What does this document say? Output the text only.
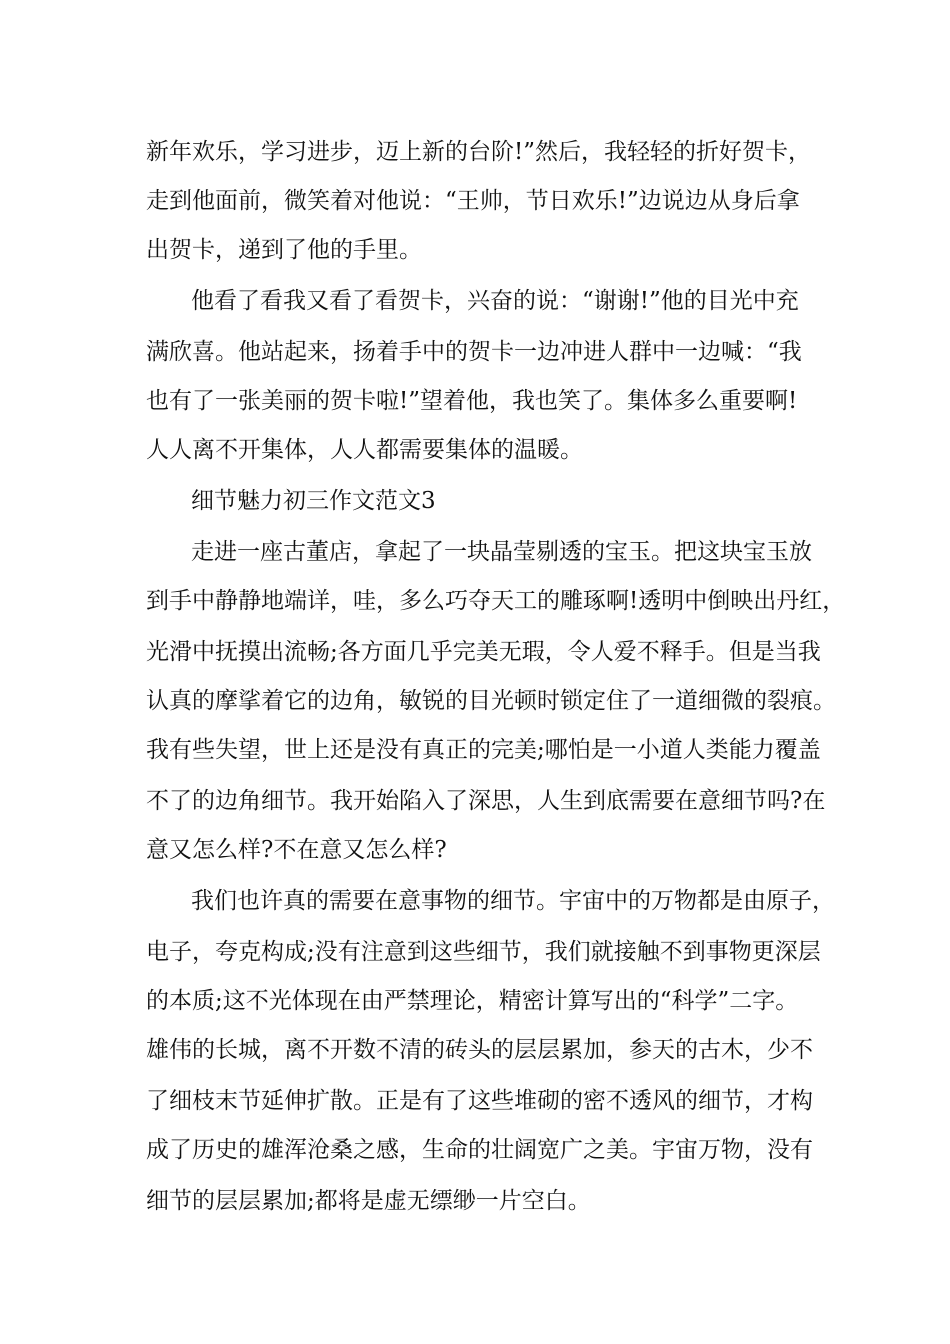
新年欢乐，学习进步，迈上新的台阶!”然后，我轻轻的折好贺卡，
走到他面前，微笑着对他说：“王帅，节日欢乐!”边说边从身后拿
出贺卡，递到了他的手里。
他看了看我又看了看贺卡，兴奋的说：“谢谢!”他的目光中充
满欣喜。他站起来，扬着手中的贺卡一边冲进人群中一边喊：“我
也有了一张美丽的贺卡啦!”望着他，我也笑了。集体多么重要啊!
人人离不开集体，人人都需要集体的温暖。
细节魅力初三作文范文3
走进一座古董店，拿起了一块晶莹剔透的宝玉。把这块宝玉放
到手中静静地端详，哇，多么巧夺天工的雕琢啊!透明中倒映出丹红，
光滑中抚摸出流畅;各方面几乎完美无瑕，令人爱不释手。但是当我
认真的摩挲着它的边角，敏锐的目光顿时锁定住了一道细微的裂痕。
我有些失望，世上还是没有真正的完美;哪怕是一小道人类能力覆盖
不了的边角细节。我开始陷入了深思，人生到底需要在意细节吗?在
意又怎么样?不在意又怎么样?
我们也许真的需要在意事物的细节。宇宙中的万物都是由原子，
电子，夸克构成;没有注意到这些细节，我们就接触不到事物更深层
的本质;这不光体现在由严禁理论，精密计算写出的“科学”二字。
雄伟的长城，离不开数不清的砖头的层层累加，参天的古木，少不
了细枝末节延伸扩散。正是有了这些堆砌的密不透风的细节，才构
成了历史的雄浑沧桑之感，生命的壮阔宽广之美。宇宙万物，没有
细节的层层累加;都将是虚无缥缈一片空白。
